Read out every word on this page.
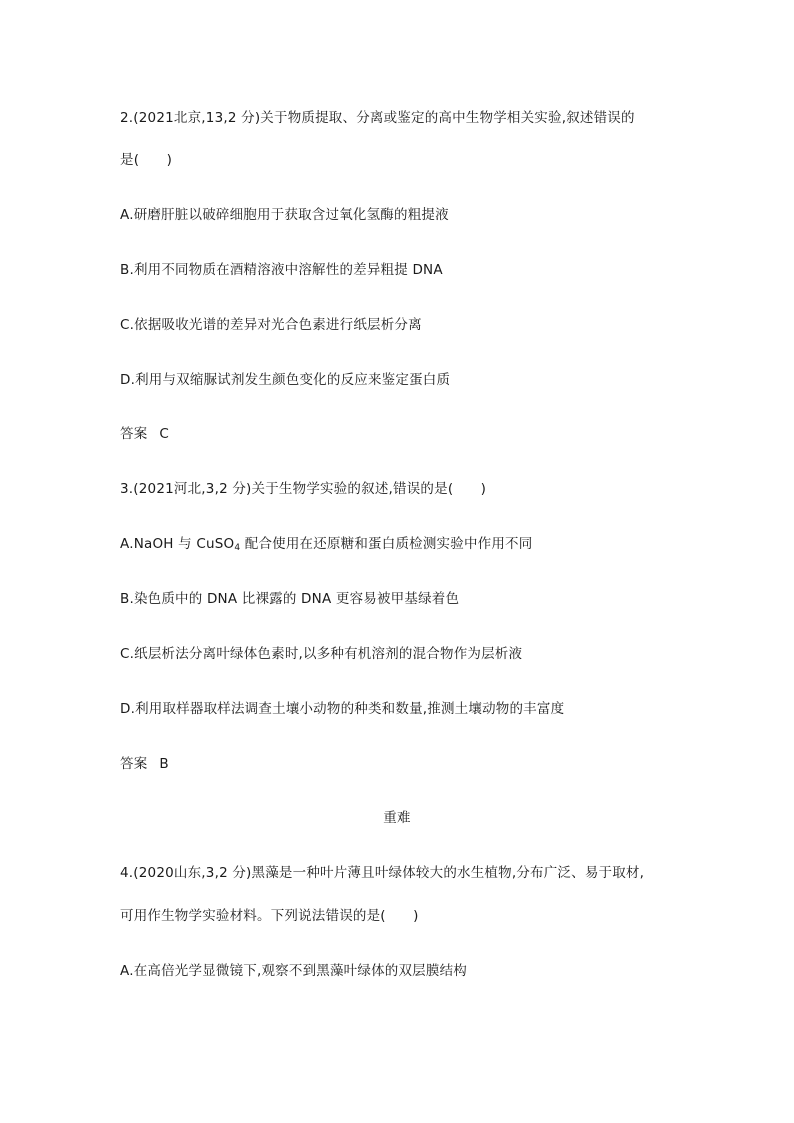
2.(2021北京,13,2 分)关于物质提取、分离或鉴定的高中生物学相关实验,叙述错误的
是(　　)
A.研磨肝脏以破碎细胞用于获取含过氧化氢酶的粗提液
B.利用不同物质在酒精溶液中溶解性的差异粗提 DNA
C.依据吸收光谱的差异对光合色素进行纸层析分离
D.利用与双缩脲试剂发生颜色变化的反应来鉴定蛋白质
答案 C
3.(2021河北,3,2 分)关于生物学实验的叙述,错误的是(　　)
A.NaOH 与 CuSO$_4$ 配合使用在还原糖和蛋白质检测实验中作用不同
B.染色质中的 DNA 比裸露的 DNA 更容易被甲基绿着色
C.纸层析法分离叶绿体色素时,以多种有机溶剂的混合物作为层析液
D.利用取样器取样法调查土壤小动物的种类和数量,推测土壤动物的丰富度
答案 B
重难
4.(2020山东,3,2 分)黑藻是一种叶片薄且叶绿体较大的水生植物,分布广泛、易于取材,
可用作生物学实验材料。下列说法错误的是(　　)
A.在高倍光学显微镜下,观察不到黑藻叶绿体的双层膜结构
